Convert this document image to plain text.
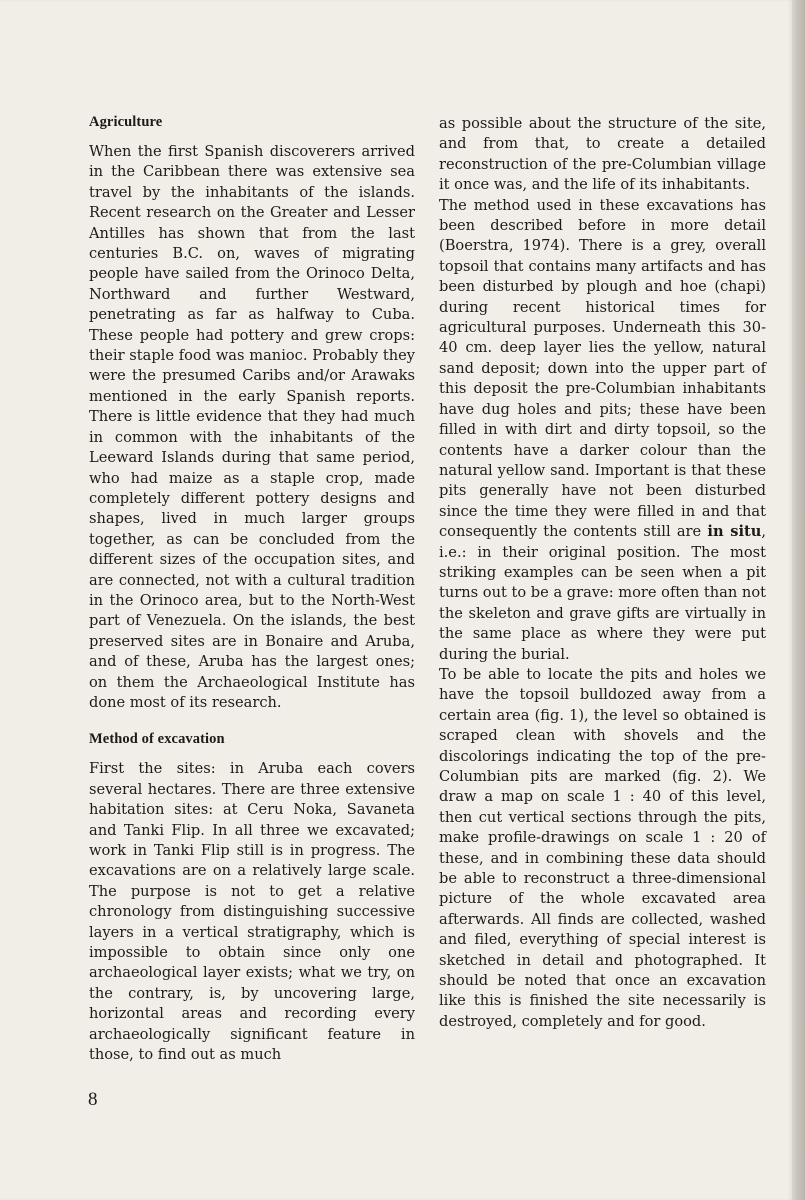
Agriculture

When the first Spanish discoverers arrived in the Caribbean there was extensive sea travel by the inhabitants of the islands. Recent research on the Greater and Lesser Antilles has shown that from the last centuries B.C. on, waves of migrating people have sailed from the Orinoco Delta, Northward and further Westward, penetrating as far as halfway to Cuba. These people had pottery and grew crops: their staple food was manioc. Probably they were the presumed Caribs and/or Arawaks mentioned in the early Spanish reports. There is little evidence that they had much in common with the inhabitants of the Leeward Islands during that same period, who had maize as a staple crop, made completely different pottery designs and shapes, lived in much larger groups together, as can be concluded from the different sizes of the occupation sites, and are connected, not with a cultural tradition in the Orinoco area, but to the North-West part of Venezuela. On the islands, the best preserved sites are in Bonaire and Aruba, and of these, Aruba has the largest ones; on them the Archaeological Institute has done most of its research.

Method of excavation

First the sites: in Aruba each covers several hectares. There are three extensive habitation sites: at Ceru Noka, Savaneta and Tanki Flip. In all three we excavated; work in Tanki Flip still is in progress. The excavations are on a relatively large scale. The purpose is not to get a relative chronology from distinguishing successive layers in a vertical stratigraphy, which is impossible to obtain since only one archaeological layer exists; what we try, on the contrary, is, by uncovering large, horizontal areas and recording every archaeologically significant feature in those, to find out as much

as possible about the structure of the site, and from that, to create a detailed reconstruction of the pre-Columbian village it once was, and the life of its inhabitants.

The method used in these excavations has been described before in more detail (Boerstra, 1974). There is a grey, overall topsoil that contains many artifacts and has been disturbed by plough and hoe (chapi) during recent historical times for agricultural purposes. Underneath this 30-40 cm. deep layer lies the yellow, natural sand deposit; down into the upper part of this deposit the pre-Columbian inhabitants have dug holes and pits; these have been filled in with dirt and dirty topsoil, so the contents have a darker colour than the natural yellow sand. Important is that these pits generally have not been disturbed since the time they were filled in and that consequently the contents still are in situ, i.e.: in their original position. The most striking examples can be seen when a pit turns out to be a grave: more often than not the skeleton and grave gifts are virtually in the same place as where they were put during the burial.

To be able to locate the pits and holes we have the topsoil bulldozed away from a certain area (fig. 1), the level so obtained is scraped clean with shovels and the discolorings indicating the top of the pre-Columbian pits are marked (fig. 2). We draw a map on scale 1 : 40 of this level, then cut vertical sections through the pits, make profile-drawings on scale 1 : 20 of these, and in combining these data should be able to reconstruct a three-dimensional picture of the whole excavated area afterwards. All finds are collected, washed and filed, everything of special interest is sketched in detail and photographed. It should be noted that once an excavation like this is finished the site necessarily is destroyed, completely and for good.

8
